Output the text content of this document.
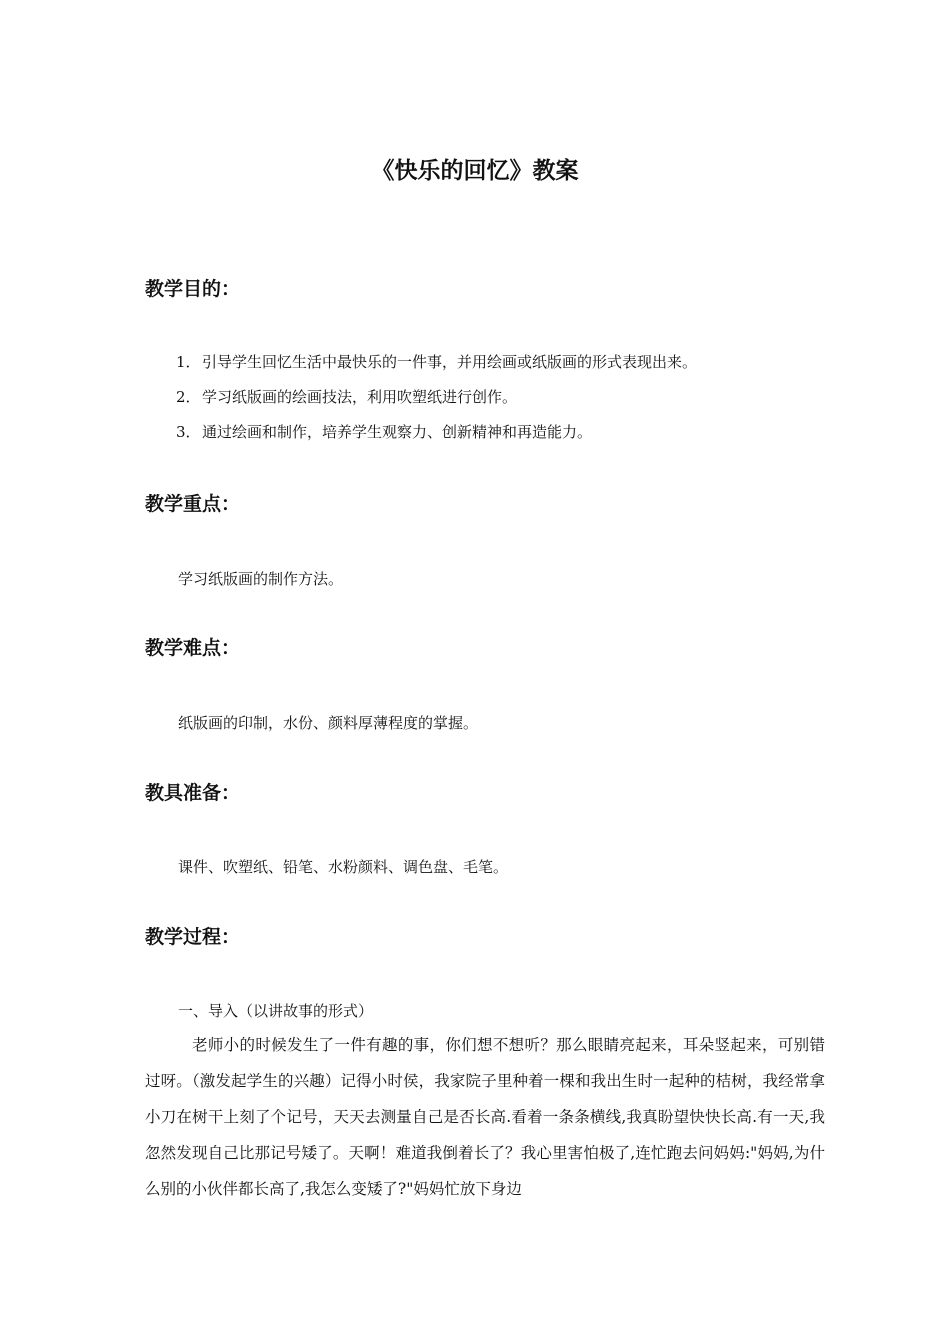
《快乐的回忆》教案
教学目的：
1．引导学生回忆生活中最快乐的一件事，并用绘画或纸版画的形式表现出来。
2．学习纸版画的绘画技法，利用吹塑纸进行创作。
3．通过绘画和制作，培养学生观察力、创新精神和再造能力。
教学重点：
学习纸版画的制作方法。
教学难点：
纸版画的印制，水份、颜料厚薄程度的掌握。
教具准备：
课件、吹塑纸、铅笔、水粉颜料、调色盘、毛笔。
教学过程：
一、导入（以讲故事的形式）

老师小的时候发生了一件有趣的事，你们想不想听？那么眼睛亮起来，耳朵竖起来，可别错过呀。（激发起学生的兴趣）记得小时侯，我家院子里种着一棵和我出生时一起种的桔树，我经常拿小刀在树干上刻了个记号，天天去测量自己是否长高.看着一条条横线,我真盼望快快长高.有一天,我忽然发现自己比那记号矮了。天啊！难道我倒着长了？我心里害怕极了,连忙跑去问妈妈:"妈妈,为什么别的小伙伴都长高了,我怎么变矮了?"妈妈忙放下身边
